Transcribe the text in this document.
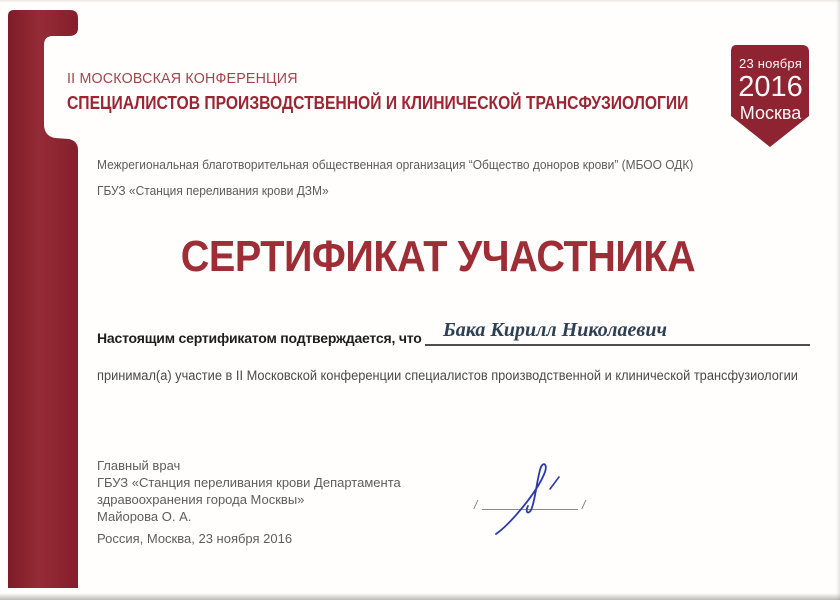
23 ноября
2016
Москва
II МОСКОВСКАЯ КОНФЕРЕНЦИЯ
СПЕЦИАЛИСТОВ ПРОИЗВОДСТВЕННОЙ И КЛИНИЧЕСКОЙ ТРАНСФУЗИОЛОГИИ
Межрегиональная благотворительная общественная организация “Общество доноров крови” (МБОО ОДК)
ГБУЗ «Станция переливания крови ДЗМ»
СЕРТИФИКАТ УЧАСТНИКА
Настоящим сертификатом подтверждается, что Бака Кирилл Николаевич
принимал(а) участие в II Московской конференции специалистов производственной и клинической трансфузиологии
Главный врач
ГБУЗ «Станция переливания крови Департамента
здравоохранения города Москвы»
Майорова О. А.
Россия, Москва, 23 ноября 2016
/	/
